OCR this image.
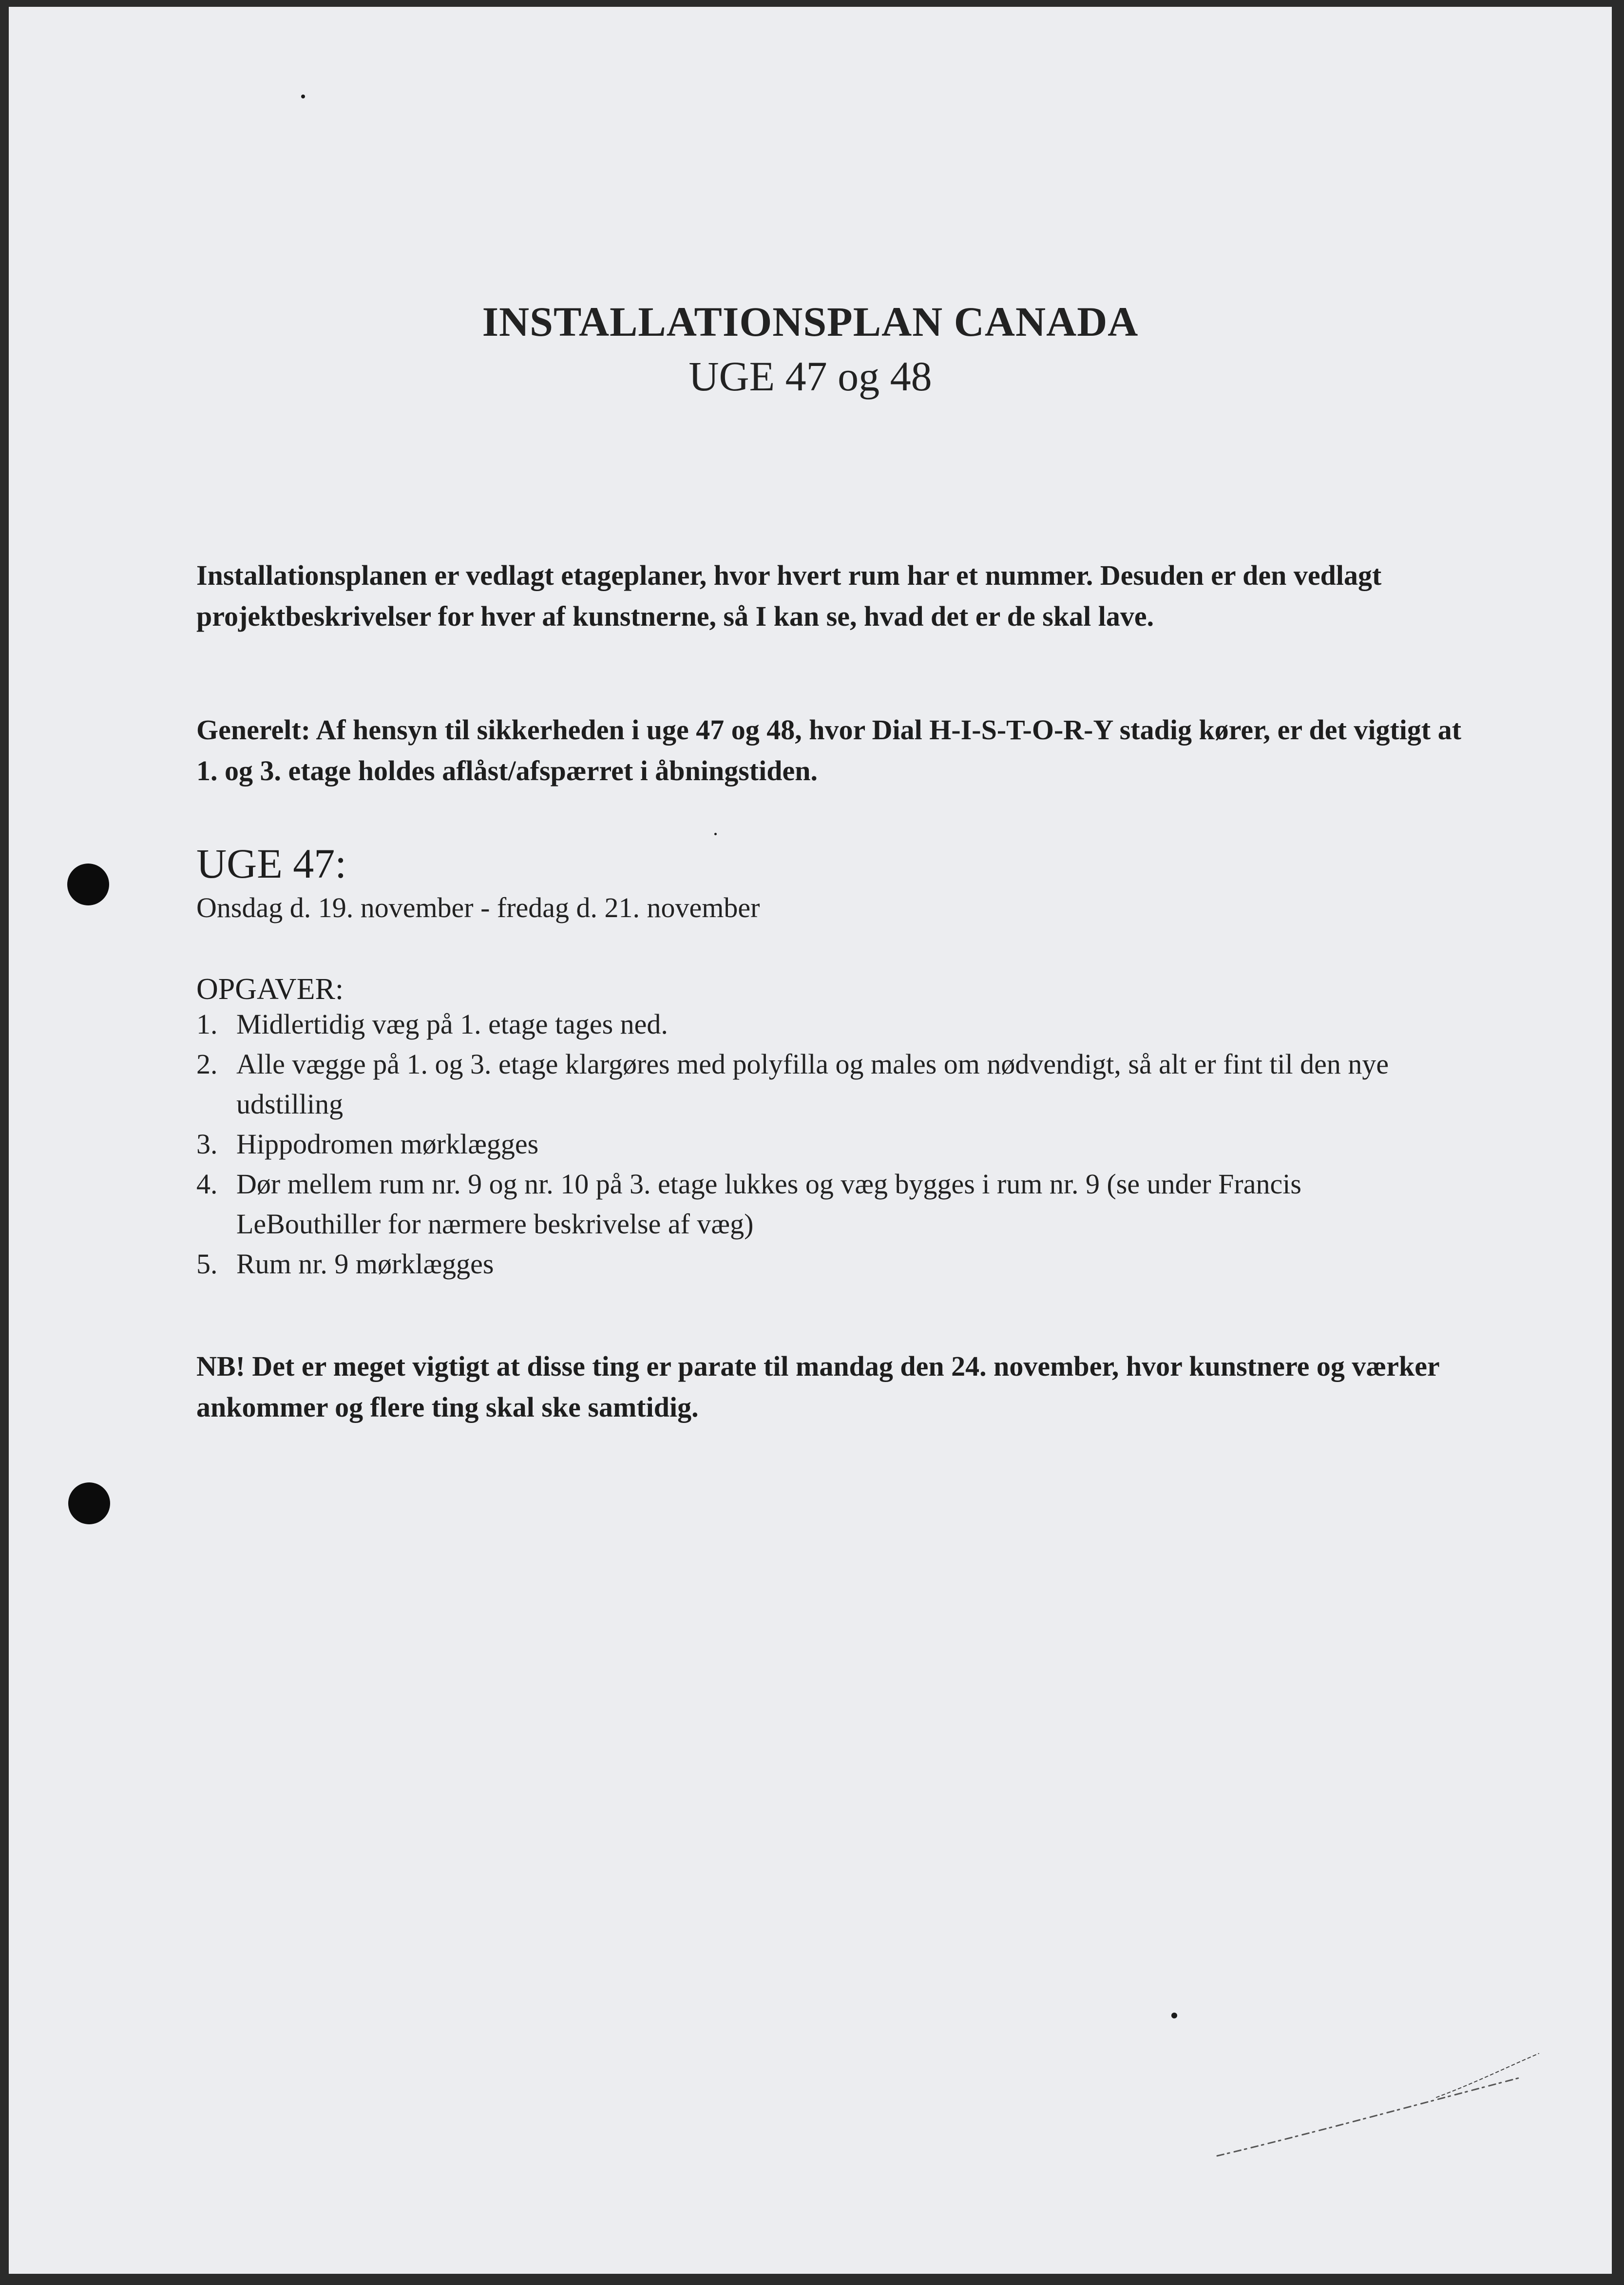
INSTALLATIONSPLAN CANADA
UGE 47 og 48
Installationsplanen er vedlagt etageplaner, hvor hvert rum har et nummer. Desuden er den vedlagt projektbeskrivelser for hver af kunstnerne, så I kan se, hvad det er de skal lave.
Generelt: Af hensyn til sikkerheden i uge 47 og 48, hvor Dial H-I-S-T-O-R-Y stadig kører, er det vigtigt at 1. og 3. etage holdes aflåst/afspærret i åbningstiden.
UGE 47:
Onsdag d. 19. november - fredag d. 21. november
OPGAVER:
1. Midlertidig væg på 1. etage tages ned.
2. Alle vægge på 1. og 3. etage klargøres med polyfilla og males om nødvendigt, så alt er fint til den nye udstilling
3. Hippodromen mørklægges
4. Dør mellem rum nr. 9 og nr. 10 på 3. etage lukkes og væg bygges i rum nr. 9 (se under Francis LeBouthiller for nærmere beskrivelse af væg)
5. Rum nr. 9 mørklægges
NB! Det er meget vigtigt at disse ting er parate til mandag den 24. november, hvor kunstnere og værker ankommer og flere ting skal ske samtidig.
